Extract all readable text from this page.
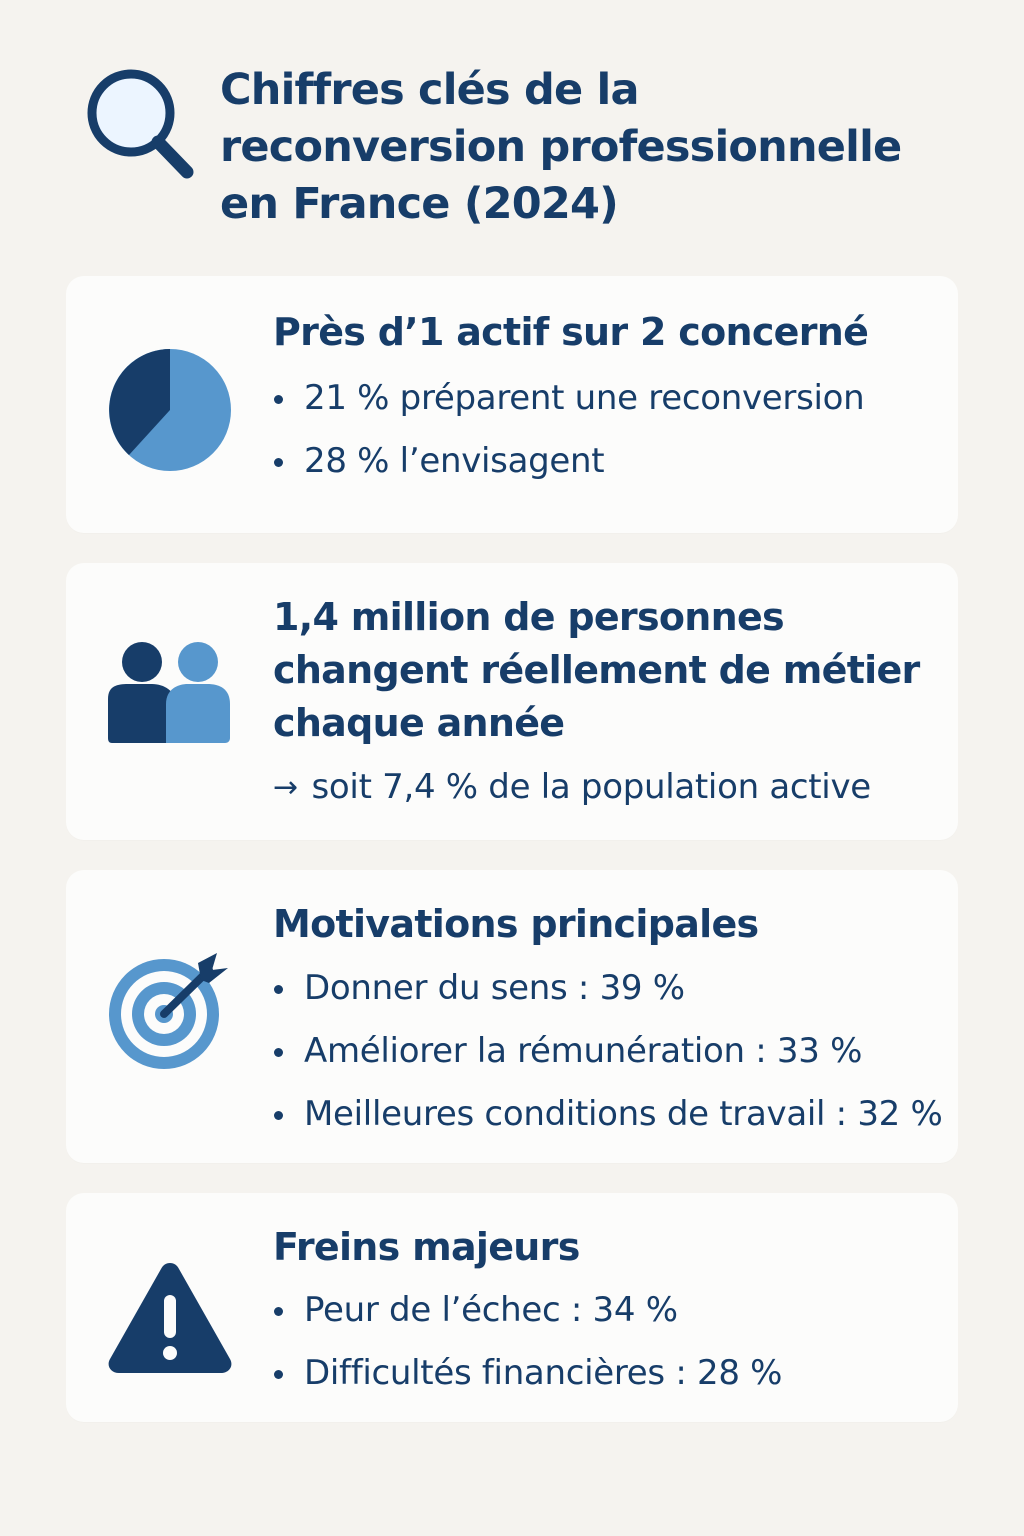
Chiffres clés de la
reconversion professionnelle
en France (2024)
Près d’1 actif sur 2 concerné
21 % préparent une reconversion
28 % l’envisagent
1,4 million de personnes
changent réellement de métier
chaque année

→ soit 7,4 % de la population active

Motivations principales
Donner du sens : 39 %
Améliorer la rémunération : 33 %
Meilleures conditions de travail : 32 %
Freins majeurs
Peur de l’échec : 34 %
Difficultés financières : 28 %
